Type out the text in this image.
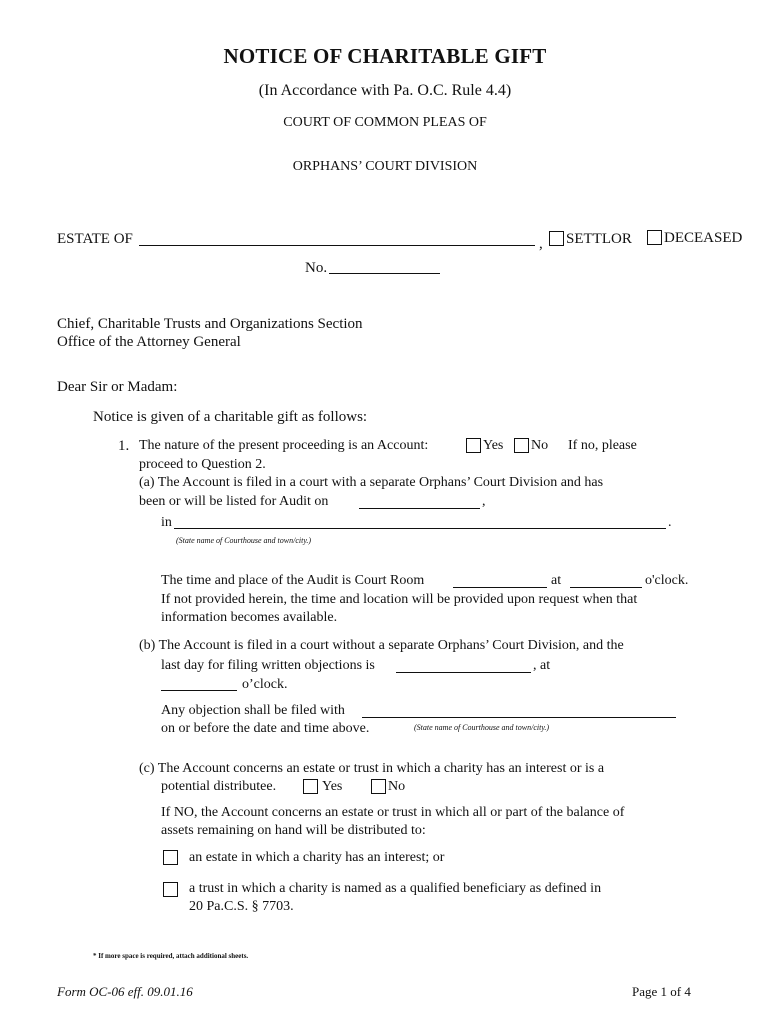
NOTICE OF CHARITABLE GIFT
(In Accordance with Pa. O.C. Rule 4.4)
COURT OF COMMON PLEAS OF
ORPHANS’ COURT DIVISION
ESTATE OF	, SETTLOR DECEASED
No.
Chief, Charitable Trusts and Organizations Section
Office of the Attorney General
Dear Sir or Madam:
Notice is given of a charitable gift as follows:
1. The nature of the present proceeding is an Account:	Yes No If no, please
proceed to Question 2.
(a) The Account is filed in a court with a separate Orphans’ Court Division and has
been or will be listed for Audit on	,
in	.
(State name of Courthouse and town/city.)
The time and place of the Audit is Court Room	at	o'clock.
If not provided herein, the time and location will be provided upon request when that
information becomes available.
(b) The Account is filed in a court without a separate Orphans’ Court Division, and the
last day for filing written objections is	, at
o’clock.
Any objection shall be filed with
on or before the date and time above.	(State name of Courthouse and town/city.)
(c) The Account concerns an estate or trust in which a charity has an interest or is a
potential distributee.	Yes	No
If NO, the Account concerns an estate or trust in which all or part of the balance of
assets remaining on hand will be distributed to:
an estate in which a charity has an interest; or
a trust in which a charity is named as a qualified beneficiary as defined in
20 Pa.C.S. § 7703.
* If more space is required, attach additional sheets.
Form OC-06 eff. 09.01.16	Page 1 of 4
